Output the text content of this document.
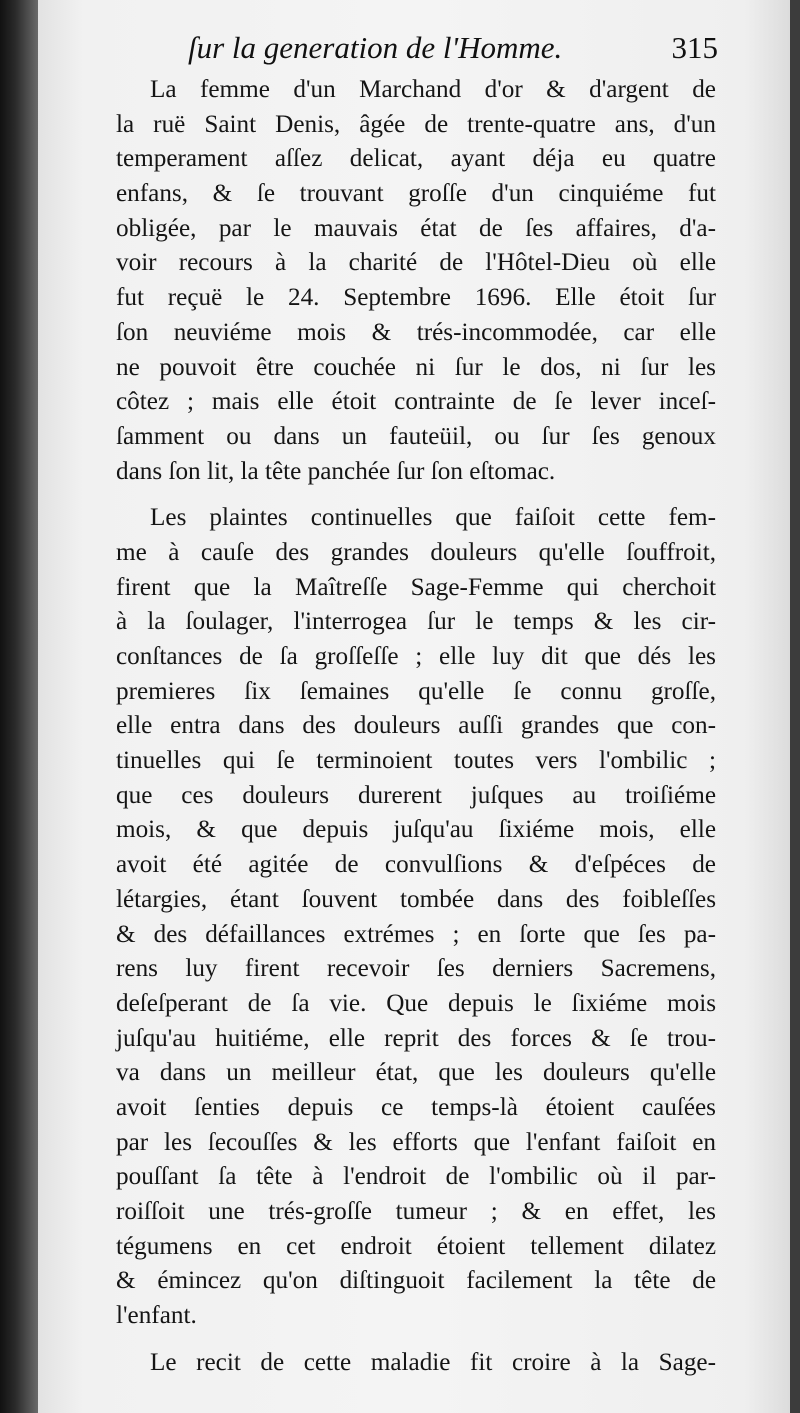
ſur la generation de l'Homme.	315
La femme d'un Marchand d'or & d'argent de
la ruë Saint Denis, âgée de trente-quatre ans, d'un
temperament aſſez delicat, ayant déja eu quatre
enfans, & ſe trouvant groſſe d'un cinquiéme fut
obligée, par le mauvais état de ſes affaires, d'a-
voir recours à la charité de l'Hôtel-Dieu où elle
fut reçuë le 24. Septembre 1696. Elle étoit ſur
ſon neuviéme mois & trés-incommodée, car elle
ne pouvoit être couchée ni ſur le dos, ni ſur les
côtez ; mais elle étoit contrainte de ſe lever inceſ-
ſamment ou dans un fauteüil, ou ſur ſes genoux
dans ſon lit, la tête panchée ſur ſon eſtomac.
Les plaintes continuelles que faiſoit cette fem-
me à cauſe des grandes douleurs qu'elle ſouffroit,
firent que la Maîtreſſe Sage-Femme qui cherchoit
à la ſoulager, l'interrogea ſur le temps & les cir-
conſtances de ſa groſſeſſe ; elle luy dit que dés les
premieres ſix ſemaines qu'elle ſe connu groſſe,
elle entra dans des douleurs auſſi grandes que con-
tinuelles qui ſe terminoient toutes vers l'ombilic ;
que ces douleurs durerent juſques au troiſiéme
mois, & que depuis juſqu'au ſixiéme mois, elle
avoit été agitée de convulſions & d'eſpéces de
létargies, étant ſouvent tombée dans des foibleſſes
& des défaillances extrémes ; en ſorte que ſes pa-
rens luy firent recevoir ſes derniers Sacremens,
deſeſperant de ſa vie. Que depuis le ſixiéme mois
juſqu'au huitiéme, elle reprit des forces & ſe trou-
va dans un meilleur état, que les douleurs qu'elle
avoit ſenties depuis ce temps-là étoient cauſées
par les ſecouſſes & les efforts que l'enfant faiſoit en
pouſſant ſa tête à l'endroit de l'ombilic où il par-
roiſſoit une trés-groſſe tumeur ; & en effet, les
tégumens en cet endroit étoient tellement dilatez
& émincez qu'on diſtinguoit facilement la tête de
l'enfant.
Le recit de cette maladie fit croire à la Sage-
